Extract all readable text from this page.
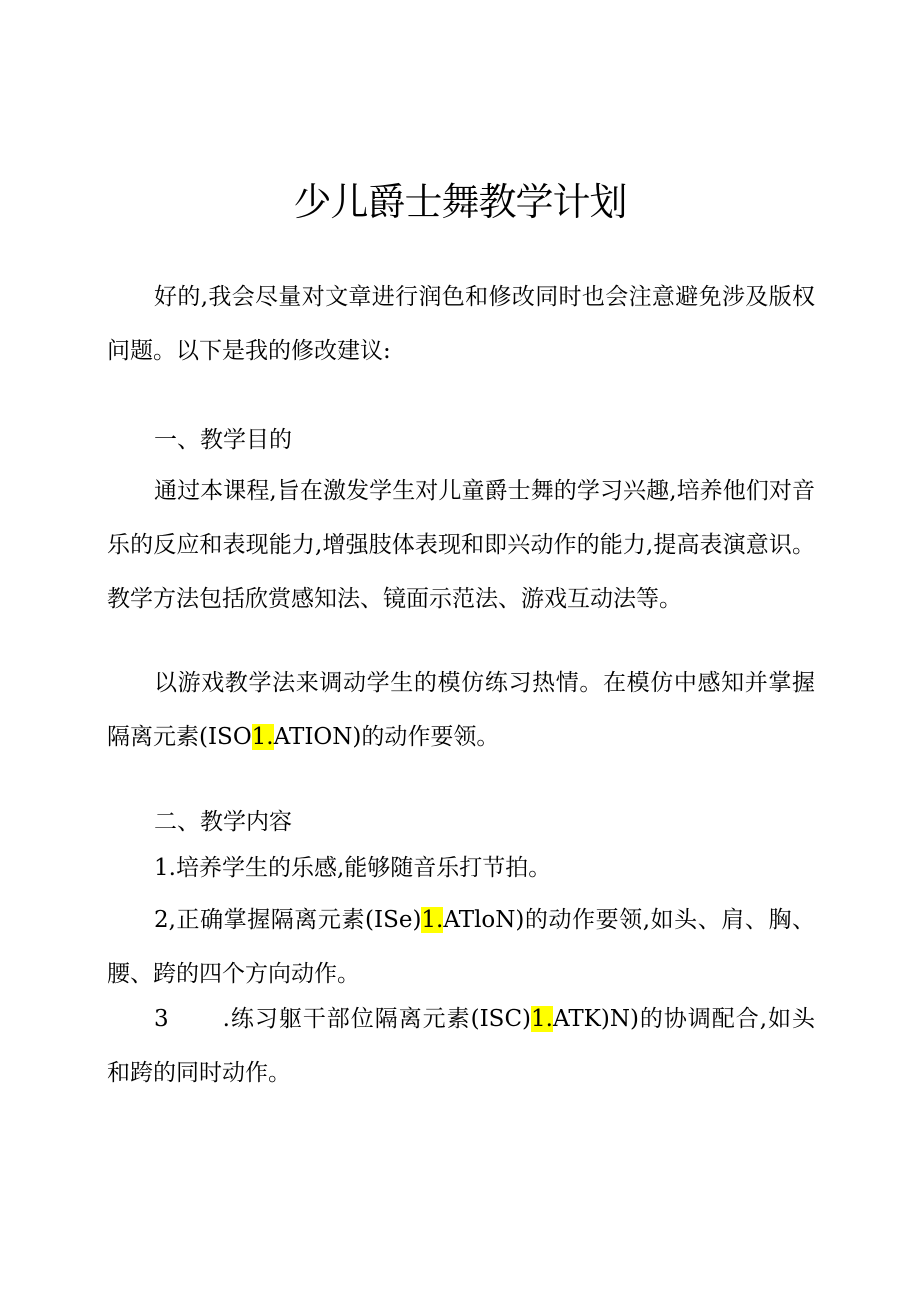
少儿爵士舞教学计划

好的,我会尽量对文章进行润色和修改同时也会注意避免涉及版权问题。以下是我的修改建议:

一、教学目的

通过本课程,旨在激发学生对儿童爵士舞的学习兴趣,培养他们对音乐的反应和表现能力,增强肢体表现和即兴动作的能力,提高表演意识。教学方法包括欣赏感知法、镜面示范法、游戏互动法等。

以游戏教学法来调动学生的模仿练习热情。在模仿中感知并掌握隔离元素(ISO1.ATION)的动作要领。

二、教学内容

1.培养学生的乐感,能够随音乐打节拍。

2,正确掌握隔离元素(ISe)1.ATloN)的动作要领,如头、肩、胸、腰、跨的四个方向动作。

3 .练习躯干部位隔离元素(ISC)1.ATK)N)的协调配合,如头和跨的同时动作。
